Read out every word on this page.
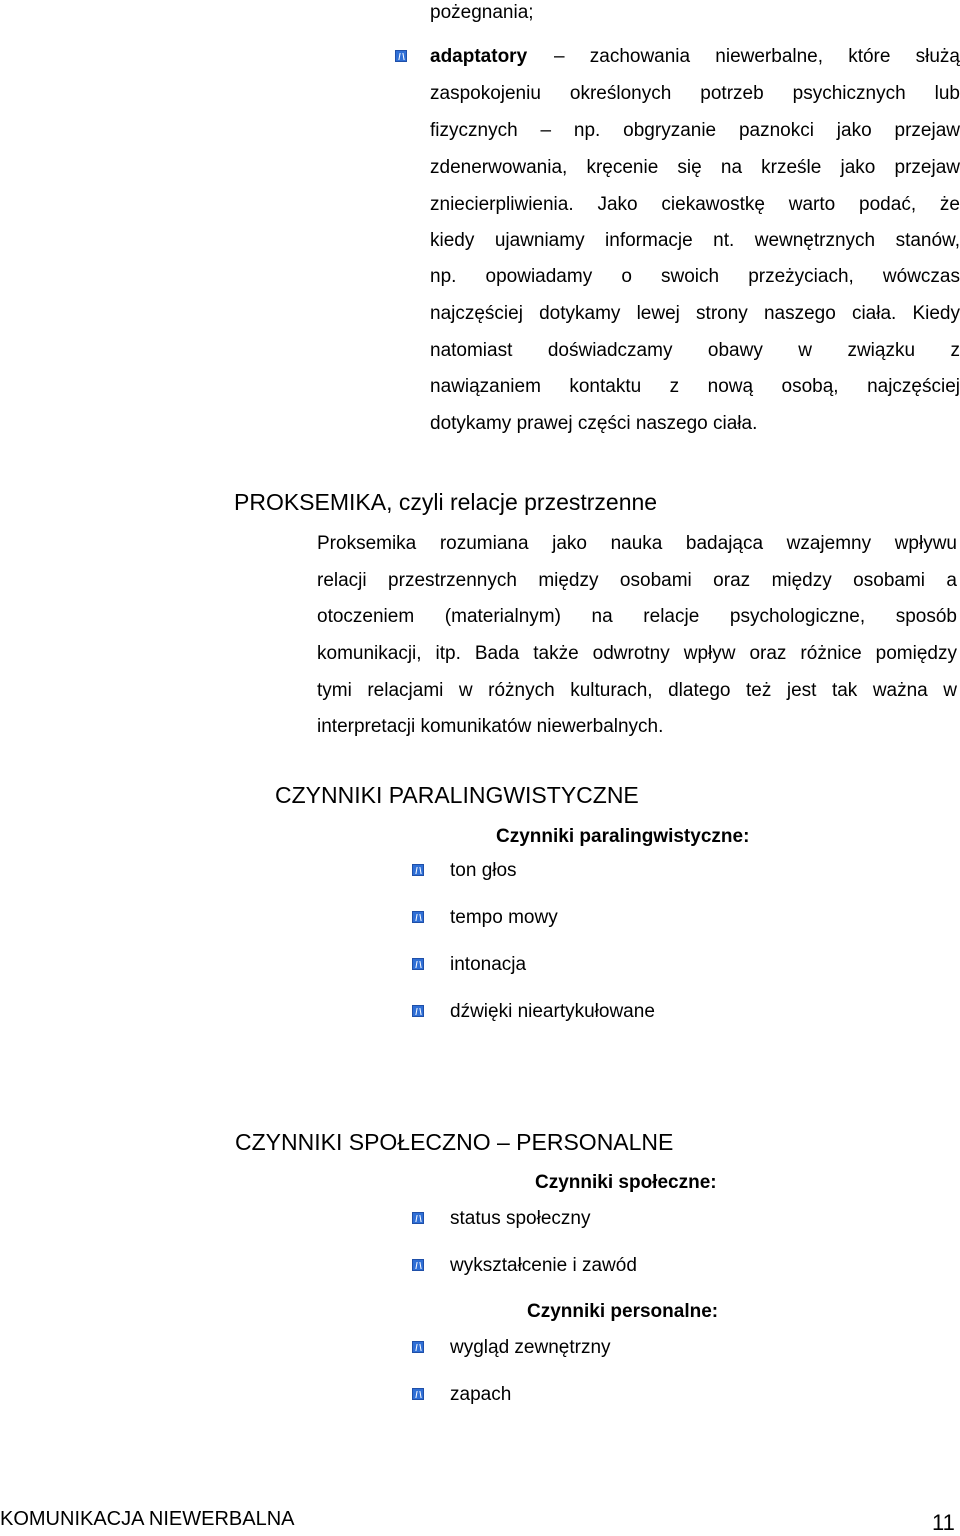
pożegnania;
adaptatory – zachowania niewerbalne, które służą
zaspokojeniu określonych potrzeb psychicznych lub
fizycznych – np. obgryzanie paznokci jako przejaw
zdenerwowania, kręcenie się na krześle jako przejaw
zniecierpliwienia. Jako ciekawostkę warto podać, że
kiedy ujawniamy informacje nt. wewnętrznych stanów,
np. opowiadamy o swoich przeżyciach, wówczas
najczęściej dotykamy lewej strony naszego ciała. Kiedy
natomiast doświadczamy obawy w związku z
nawiązaniem kontaktu z nową osobą, najczęściej
dotykamy prawej części naszego ciała.
PROKSEMIKA, czyli relacje przestrzenne
Proksemika rozumiana jako nauka badająca wzajemny wpływu
relacji przestrzennych między osobami oraz między osobami a
otoczeniem (materialnym) na relacje psychologiczne, sposób
komunikacji, itp. Bada także odwrotny wpływ oraz różnice pomiędzy
tymi relacjami w różnych kulturach, dlatego też jest tak ważna w
interpretacji komunikatów niewerbalnych.
CZYNNIKI PARALINGWISTYCZNE
Czynniki paralingwistyczne:
ton głos
tempo mowy
intonacja
dźwięki nieartykułowane
CZYNNIKI SPOŁECZNO – PERSONALNE
Czynniki społeczne:
status społeczny
wykształcenie i zawód
Czynniki personalne:
wygląd zewnętrzny
zapach
KOMUNIKACJA NIEWERBALNA	11
